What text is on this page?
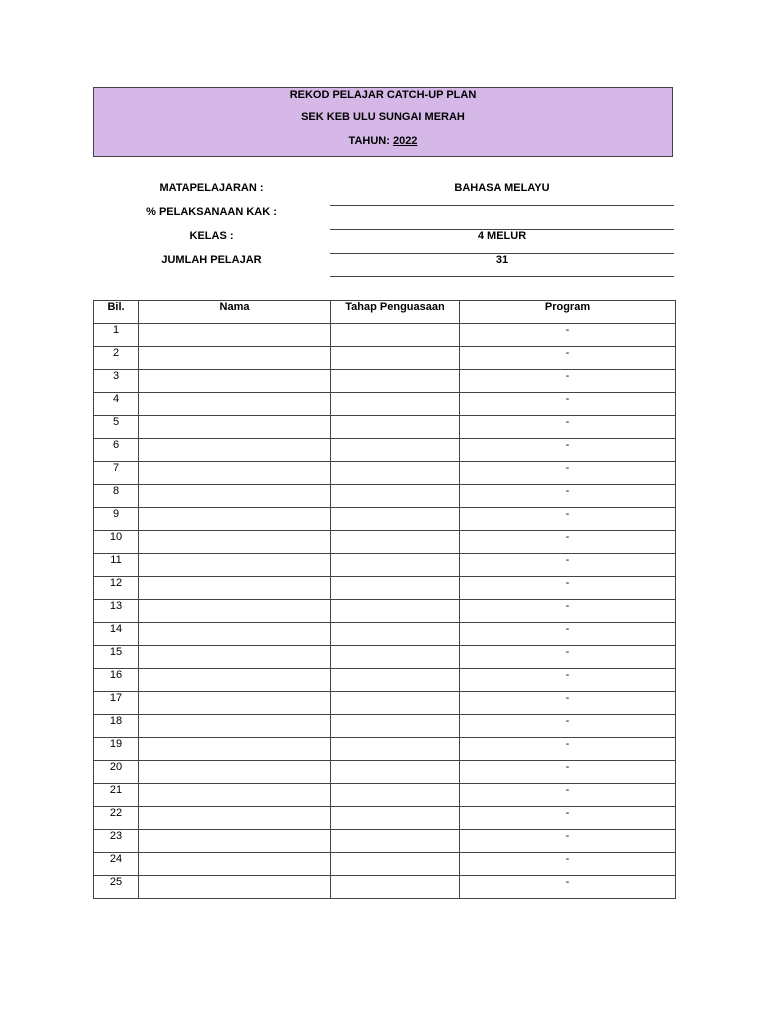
REKOD PELAJAR CATCH-UP PLAN
SEK KEB ULU SUNGAI MERAH
TAHUN: 2022
MATAPELAJARAN :	BAHASA MELAYU
% PELAKSANAAN KAK :
KELAS :	4 MELUR
JUMLAH PELAJAR	31
Bil.	Nama	Tahap Penguasaan	Program
1			-
2			-
3			-
4			-
5			-
6			-
7			-
8			-
9			-
10			-
11			-
12			-
13			-
14			-
15			-
16			-
17			-
18			-
19			-
20			-
21			-
22			-
23			-
24			-
25			-
